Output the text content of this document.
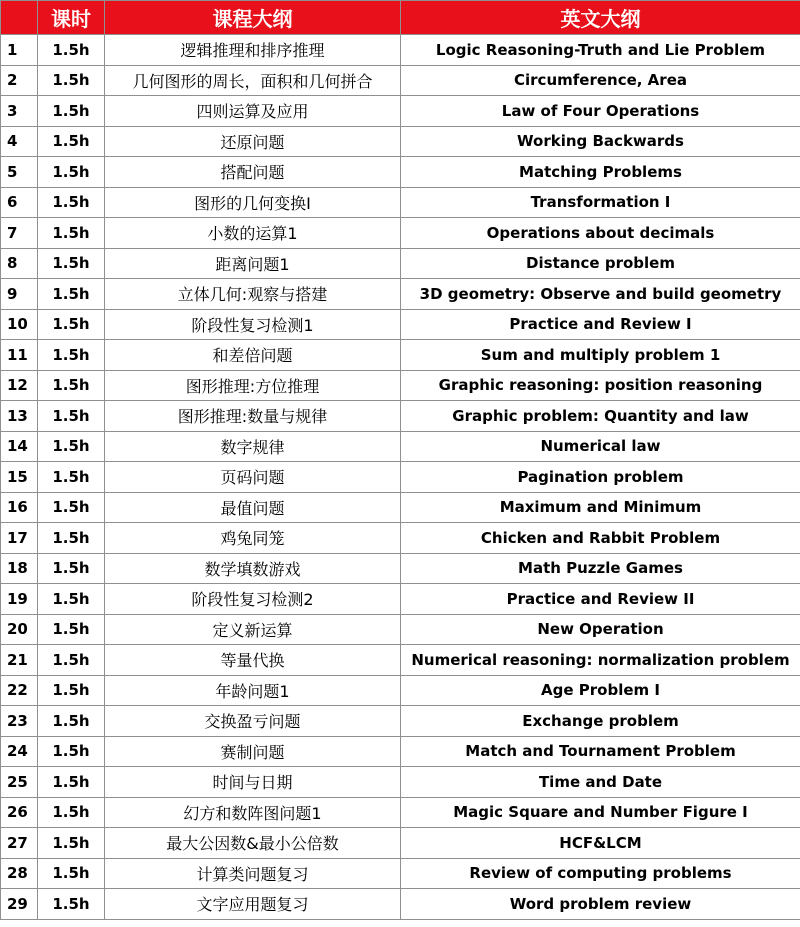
	课时	课程大纲	英文大纲
1	1.5h	逻辑推理和排序推理	Logic Reasoning-Truth and Lie Problem
2	1.5h	几何图形的周长，面积和几何拼合	Circumference, Area
3	1.5h	四则运算及应用	Law of Four Operations
4	1.5h	还原问题	Working Backwards
5	1.5h	搭配问题	Matching Problems
6	1.5h	图形的几何变换I	Transformation I
7	1.5h	小数的运算1	Operations about decimals
8	1.5h	距离问题1	Distance problem
9	1.5h	立体几何:观察与搭建	3D geometry: Observe and build geometry
10	1.5h	阶段性复习检测1	Practice and Review I
11	1.5h	和差倍问题	Sum and multiply problem 1
12	1.5h	图形推理:方位推理	Graphic reasoning: position reasoning
13	1.5h	图形推理:数量与规律	Graphic problem: Quantity and law
14	1.5h	数字规律	Numerical law
15	1.5h	页码问题	Pagination problem
16	1.5h	最值问题	Maximum and Minimum
17	1.5h	鸡兔同笼	Chicken and Rabbit Problem
18	1.5h	数学填数游戏	Math Puzzle Games
19	1.5h	阶段性复习检测2	Practice and Review II
20	1.5h	定义新运算	New Operation
21	1.5h	等量代换	Numerical reasoning: normalization problem
22	1.5h	年龄问题1	Age Problem I
23	1.5h	交换盈亏问题	Exchange problem
24	1.5h	赛制问题	Match and Tournament Problem
25	1.5h	时间与日期	Time and Date
26	1.5h	幻方和数阵图问题1	Magic Square and Number Figure I
27	1.5h	最大公因数&最小公倍数	HCF&LCM
28	1.5h	计算类问题复习	Review of computing problems
29	1.5h	文字应用题复习	Word problem review
